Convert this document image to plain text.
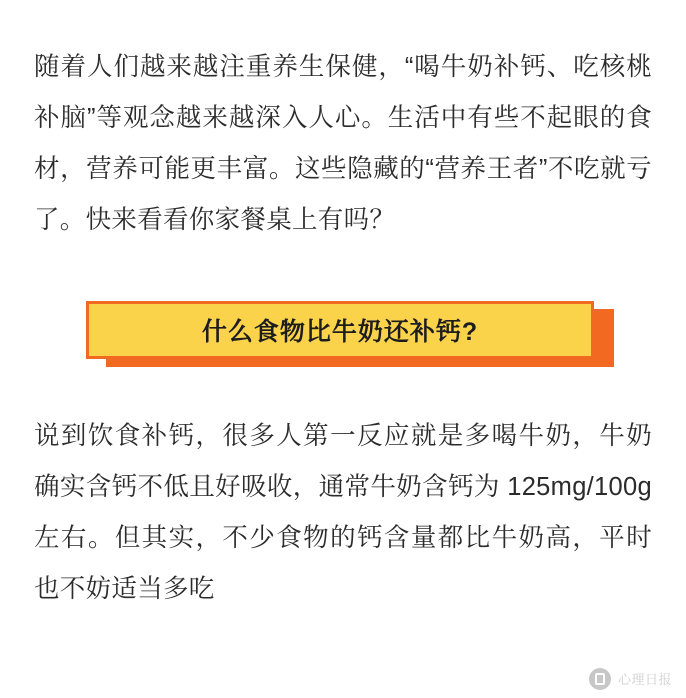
随着人们越来越注重养生保健，“喝牛奶补钙、吃核桃补脑”等观念越来越深入人心。生活中有些不起眼的食材，营养可能更丰富。这些隐藏的“营养王者”不吃就亏了。快来看看你家餐桌上有吗？

什么食物比牛奶还补钙?

说到饮食补钙，很多人第一反应就是多喝牛奶，牛奶确实含钙不低且好吸收，通常牛奶含钙为 125mg/100g 左右。但其实，不少食物的钙含量都比牛奶高，平时也不妨适当多吃

心理日报
